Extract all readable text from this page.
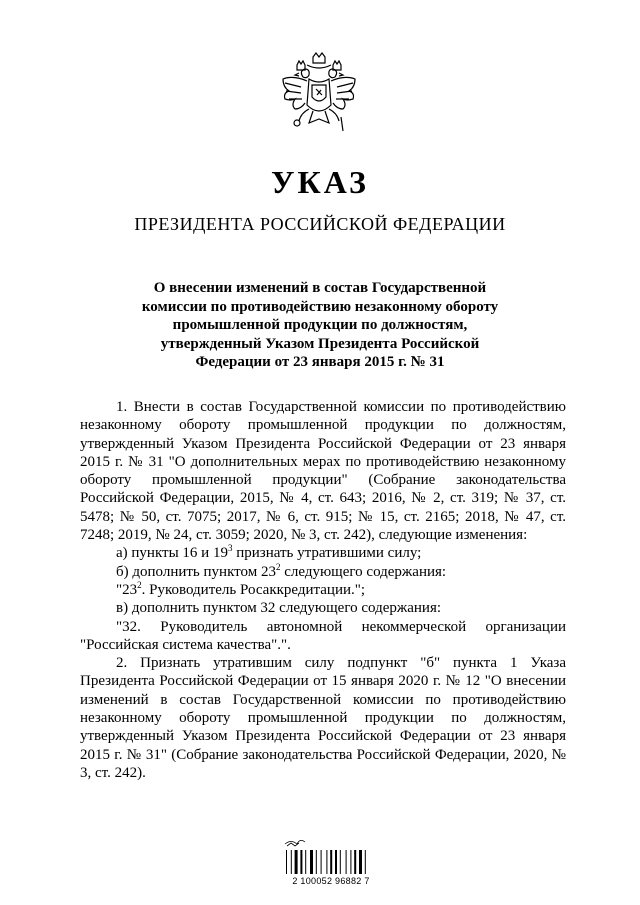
УКАЗ
ПРЕЗИДЕНТА РОССИЙСКОЙ ФЕДЕРАЦИИ
О внесении изменений в состав Государственной
комиссии по противодействию незаконному обороту
промышленной продукции по должностям,
утвержденный Указом Президента Российской
Федерации от 23 января 2015 г. № 31

1. Внести в состав Государственной комиссии по противодействию незаконному обороту промышленной продукции по должностям, утвержденный Указом Президента Российской Федерации от 23 января 2015 г. № 31 "О дополнительных мерах по противодействию незаконному обороту промышленной продукции" (Собрание законодательства Российской Федерации, 2015, № 4, ст. 643; 2016, № 2, ст. 319; № 37, ст. 5478; № 50, ст. 7075; 2017, № 6, ст. 915; № 15, ст. 2165; 2018, № 47, ст. 7248; 2019, № 24, ст. 3059; 2020, № 3, ст. 242), следующие изменения:

а) пункты 16 и $19^3$ признать утратившими силу;

б) дополнить пунктом $23^2$ следующего содержания:

"$23^2$. Руководитель Росаккредитации.";

в) дополнить пунктом 32 следующего содержания:

"32. Руководитель автономной некоммерческой организации "Российская система качества".".

2. Признать утратившим силу подпункт "б" пункта 1 Указа Президента Российской Федерации от 15 января 2020 г. № 12 "О внесении изменений в состав Государственной комиссии по противодействию незаконному обороту промышленной продукции по должностям, утвержденный Указом Президента Российской Федерации от 23 января 2015 г. № 31" (Собрание законодательства Российской Федерации, 2020, № 3, ст. 242).

2 100052 96882 7
